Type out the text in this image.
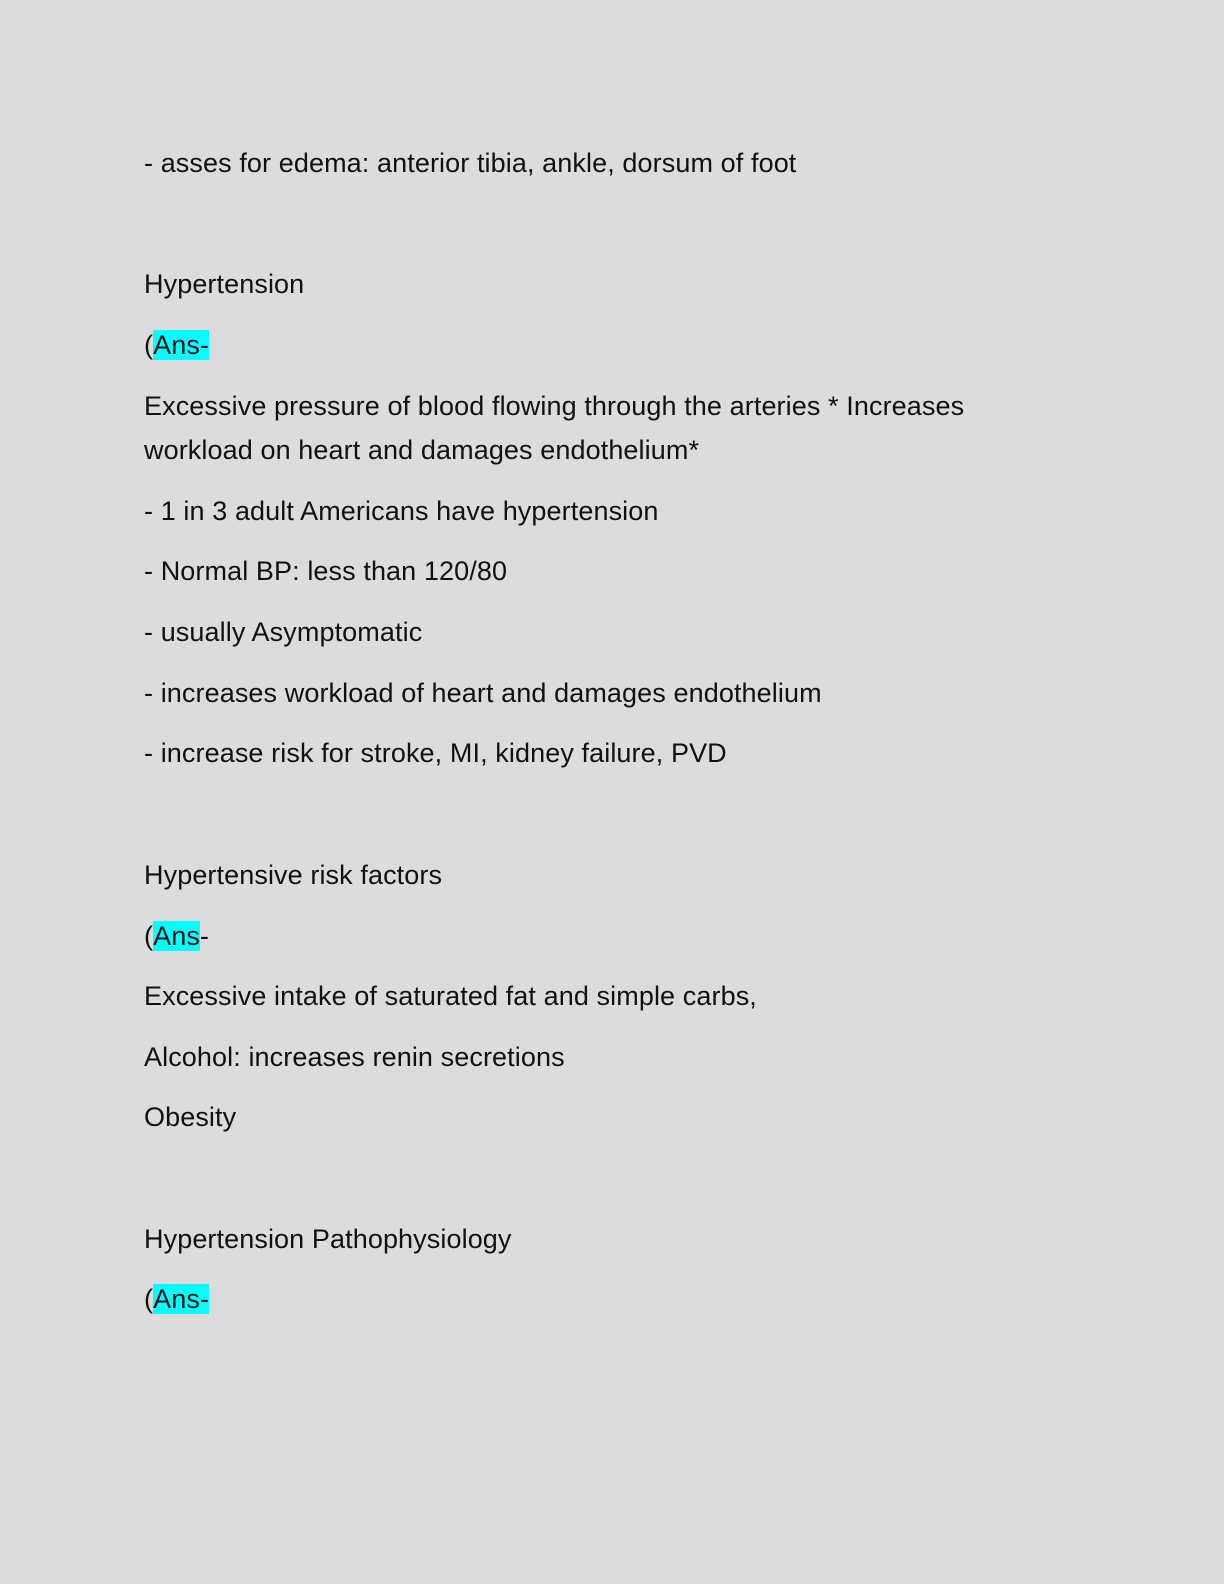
- asses for edema: anterior tibia, ankle, dorsum of foot
Hypertension
(Ans-
Excessive pressure of blood flowing through the arteries * Increases workload on heart and damages endothelium*
- 1 in 3 adult Americans have hypertension
- Normal BP: less than 120/80
- usually Asymptomatic
- increases workload of heart and damages endothelium
- increase risk for stroke, MI, kidney failure, PVD
Hypertensive risk factors
(Ans-
Excessive intake of saturated fat and simple carbs,
Alcohol: increases renin secretions
Obesity
Hypertension Pathophysiology
(Ans-
